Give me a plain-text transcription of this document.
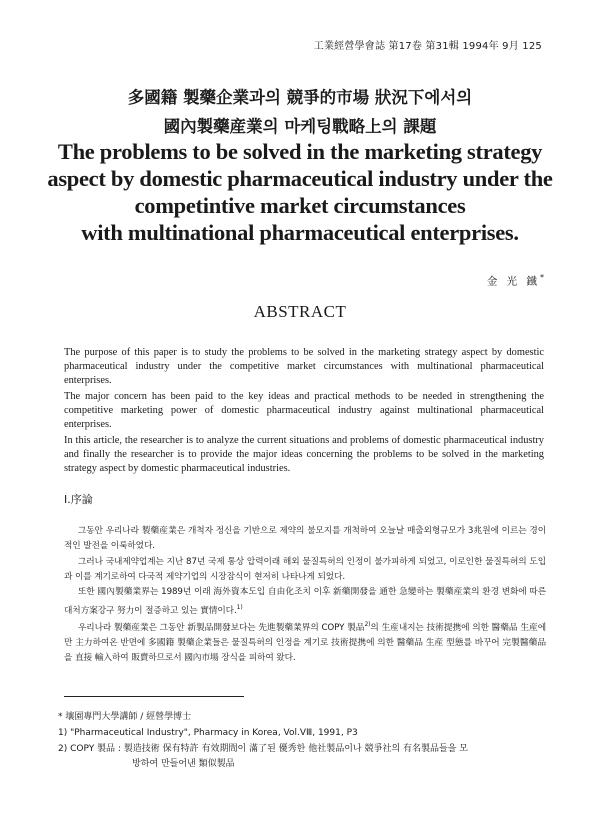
工業經營學會誌 第17卷 第31輯 1994年 9月 125
多國籍 製藥企業과의 競爭的市場 狀況下에서의
國內製藥産業의 마케팅戰略上의 課題
The problems to be solved in the marketing strategy
aspect by domestic pharmaceutical industry under the
competintive market circumstances
with multinational pharmaceutical enterprises.
金 光 鐵*
ABSTRACT
The purpose of this paper is to study the problems to be solved in the marketing strategy aspect by domestic pharmaceutical industry under the competitive market circumstances with multinational pharmaceutical enterprises.
The major concern has been paid to the key ideas and practical methods to be needed in strengthening the competitive marketing power of domestic pharmaceutical industry against multinational pharmaceutical enterprises.
In this article, the researcher is to analyze the current situations and problems of domestic pharmaceutical industry and finally the researcher is to provide the major ideas concerning the problems to be solved in the marketing strategy aspect by domestic pharmaceutical industries.
Ⅰ.序論
그동안 우리나라 製藥産業은 개척자 정신을 기반으로 제약의 불모지를 개척하여 오늘날 매출외형규모가 3兆원에 이르는 경이적인 발전을 이룩하였다.
그러나 국내제약업계는 지난 87년 국제 통상 압력이래 해외 물질특허의 인정이 불가피하게 되었고, 이로인한 물질특허의 도입과 이를 계기로하여 다국적 제약기업의 시장잠식이 현저히 나타나게 되었다.
또한 國內製藥業界는 1989년 이래 海外資本도입 自由化조치 이후 新藥開發을 通한 急變하는 製藥産業의 환경 변화에 따른 대처方案강구 努力이 절증하고 있는 實情이다.$^{1)}$
우리나라 製藥産業은 그동안 新製品開發보다는 先進製藥業界의 COPY 製品$^{2)}$의 生産내지는 技術提携에 의한 醫藥品 生産에만 主力하여온 반면에 多國籍 製藥企業들은 물질특허의 인정을 계기로 技術提携에 의한 醫藥品 生産 型態를 바꾸어 完製醫藥品을 直接 輸入하여 販賣하므로서 國內市場 장식을 피하여 왔다.
* 壤園專門大學講師 / 經營學博士
1) "Pharmaceutical Industry", Pharmacy in Korea, Vol.ⅤⅢ, 1991, P3
2) COPY 製品 : 製造技術 保有特許 有效期間이 滿了된 優秀한 他社製品이나 競爭社의 有名製品들을 모
방하여 만들어낸 類似製品
